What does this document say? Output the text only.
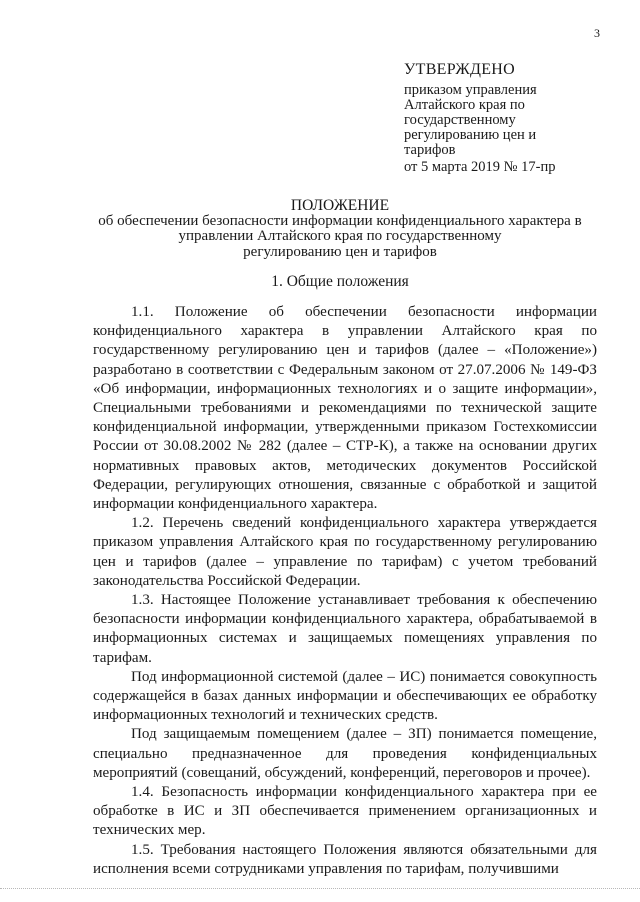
3
УТВЕРЖДЕНО
приказом управления
Алтайского края по
государственному
регулированию цен и
тарифов
от 5 марта 2019 № 17-пр
ПОЛОЖЕНИЕ
об обеспечении безопасности информации конфиденциального характера в
управлении Алтайского края по государственному
регулированию цен и тарифов
1. Общие положения

1.1. Положение об обеспечении безопасности информации конфиденциального характера в управлении Алтайского края по государственному регулированию цен и тарифов (далее – «Положение») разработано в соответствии с Федеральным законом от 27.07.2006 № 149-ФЗ «Об информации, информационных технологиях и о защите информации», Специальными требованиями и рекомендациями по технической защите конфиденциальной информации, утвержденными приказом Гостехкомиссии России от 30.08.2002 № 282 (далее – СТР-К), а также на основании других нормативных правовых актов, методических документов Российской Федерации, регулирующих отношения, связанные с обработкой и защитой информации конфиденциального характера.

1.2. Перечень сведений конфиденциального характера утверждается приказом управления Алтайского края по государственному регулированию цен и тарифов (далее – управление по тарифам) с учетом требований законодательства Российской Федерации.

1.3. Настоящее Положение устанавливает требования к обеспечению безопасности информации конфиденциального характера, обрабатываемой в информационных системах и защищаемых помещениях управления по тарифам.

Под информационной системой (далее – ИС) понимается совокупность содержащейся в базах данных информации и обеспечивающих ее обработку информационных технологий и технических средств.

Под защищаемым помещением (далее – ЗП) понимается помещение, специально предназначенное для проведения конфиденциальных мероприятий (совещаний, обсуждений, конференций, переговоров и прочее).

1.4. Безопасность информации конфиденциального характера при ее обработке в ИС и ЗП обеспечивается применением организационных и технических мер.

1.5. Требования настоящего Положения являются обязательными для исполнения всеми сотрудниками управления по тарифам, получившими
